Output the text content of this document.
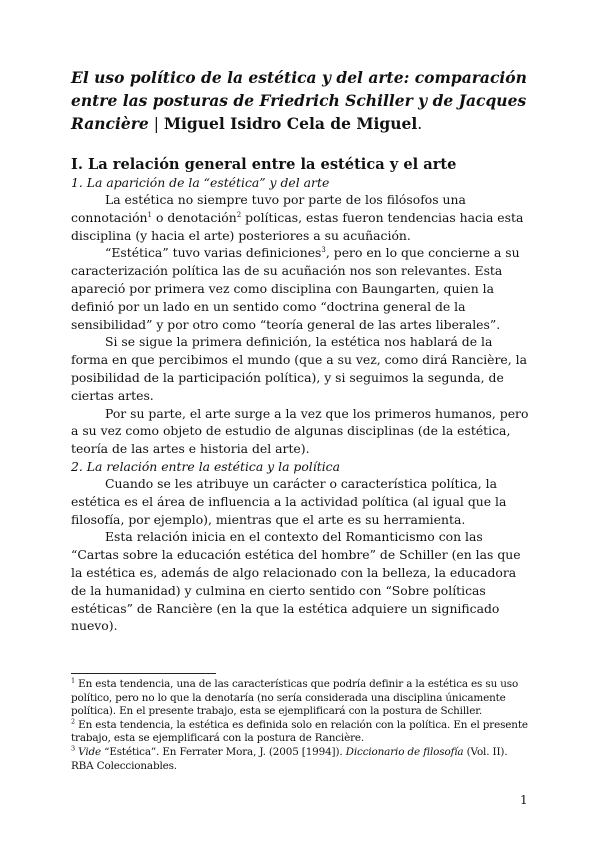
El uso político de la estética y del arte: comparación entre las posturas de Friedrich Schiller y de Jacques Rancière | Miguel Isidro Cela de Miguel.

I. La relación general entre la estética y el arte

1. La aparición de la “estética” y del arte

La estética no siempre tuvo por parte de los filósofos una connotación$^1$ o denotación$^2$ políticas, estas fueron tendencias hacia esta disciplina (y hacia el arte) posteriores a su acuñación.

“Estética” tuvo varias definiciones$^3$, pero en lo que concierne a su caracterización política las de su acuñación nos son relevantes. Esta apareció por primera vez como disciplina con Baungarten, quien la definió por un lado en un sentido como “doctrina general de la sensibilidad” y por otro como “teoría general de las artes liberales”.

Si se sigue la primera definición, la estética nos hablará de la forma en que percibimos el mundo (que a su vez, como dirá Rancière, la posibilidad de la participación política), y si seguimos la segunda, de ciertas artes.

Por su parte, el arte surge a la vez que los primeros humanos, pero a su vez como objeto de estudio de algunas disciplinas (de la estética, teoría de las artes e historia del arte).

2. La relación entre la estética y la política

Cuando se les atribuye un carácter o característica política, la estética es el área de influencia a la actividad política (al igual que la filosofía, por ejemplo), mientras que el arte es su herramienta.

Esta relación inicia en el contexto del Romanticismo con las “Cartas sobre la educación estética del hombre” de Schiller (en las que la estética es, además de algo relacionado con la belleza, la educadora de la humanidad) y culmina en cierto sentido con “Sobre políticas estéticas” de Rancière (en la que la estética adquiere un significado nuevo).

$^1$ En esta tendencia, una de las características que podría definir a la estética es su uso político, pero no lo que la denotaría (no sería considerada una disciplina únicamente política). En el presente trabajo, esta se ejemplificará con la postura de Schiller.

$^2$ En esta tendencia, la estética es definida solo en relación con la política. En el presente trabajo, esta se ejemplificará con la postura de Rancière.

$^3$ Vide “Estética”. En Ferrater Mora, J. (2005 [1994]). Diccionario de filosofía (Vol. II). RBA Coleccionables.

1
